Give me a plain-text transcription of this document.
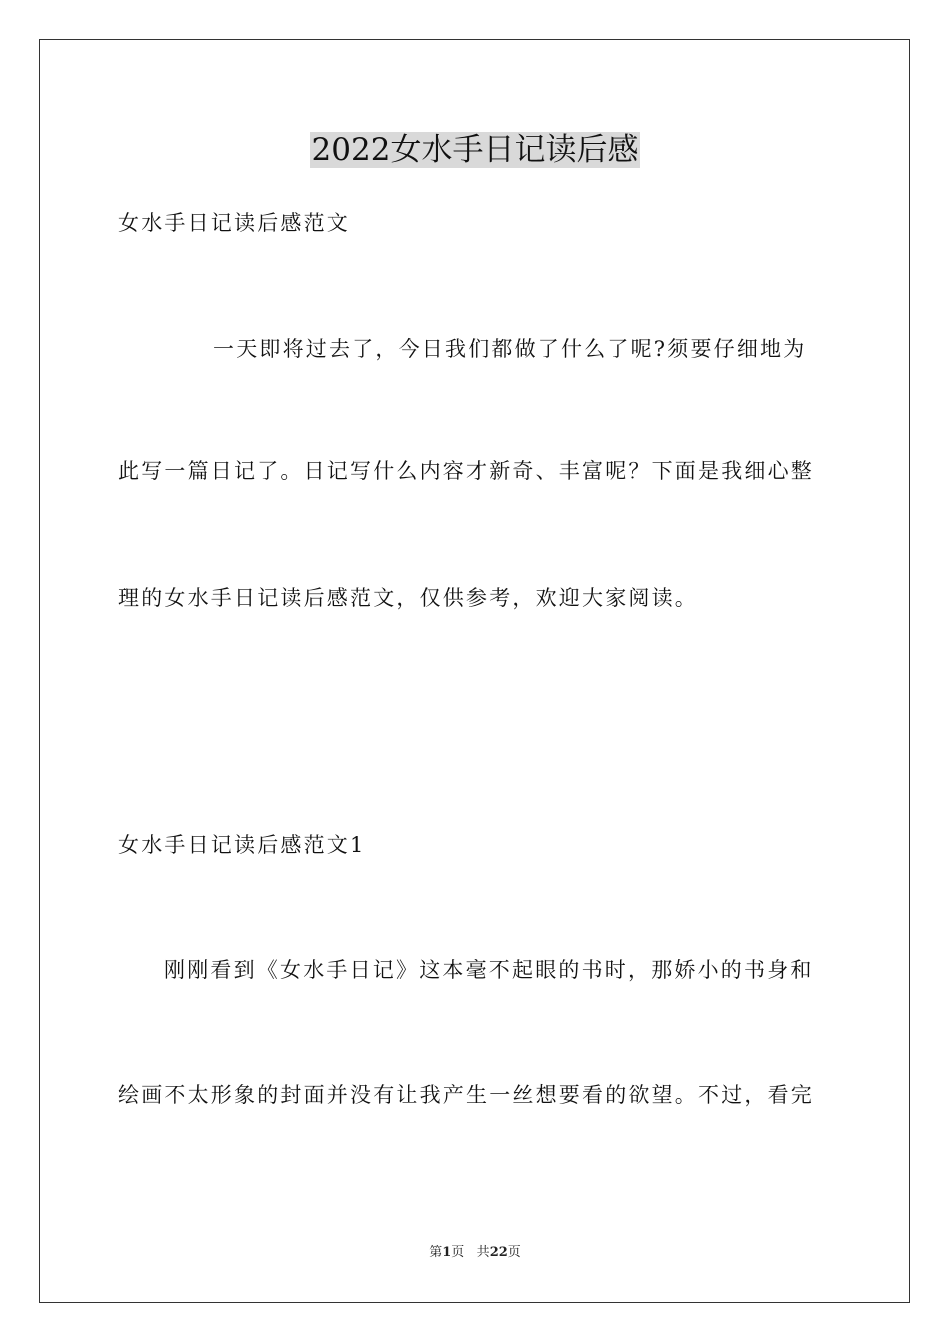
2022女水手日记读后感
女水手日记读后感范文
一天即将过去了，今日我们都做了什么了呢?须要仔细地为
此写一篇日记了。日记写什么内容才新奇、丰富呢？下面是我细心整
理的女水手日记读后感范文，仅供参考，欢迎大家阅读。
女水手日记读后感范文1
刚刚看到《女水手日记》这本毫不起眼的书时，那娇小的书身和
绘画不太形象的封面并没有让我产生一丝想要看的欲望。不过，看完
第1页 共22页
